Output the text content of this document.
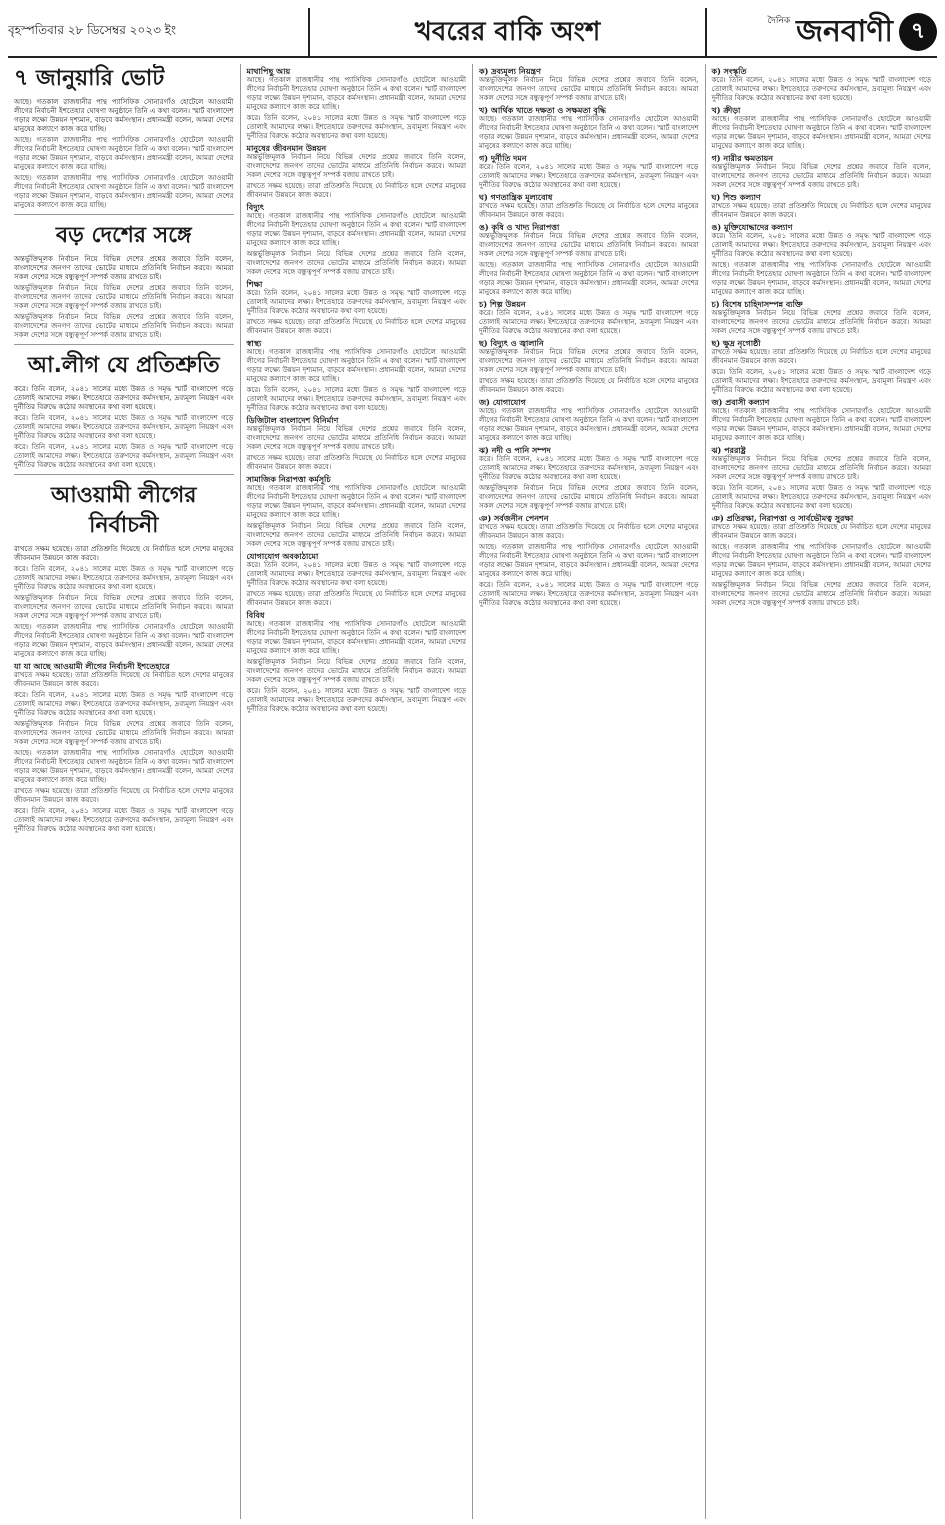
বৃহস্পতিবার ২৮ ডিসেম্বর ২০২৩ ইং	খবরের বাকি অংশ	দৈনিক জনবাণী ৭
৭ জানুয়ারি ভোট

আছে। গতকাল রাজধানীর পান্থ প্যাসিফিক সোনারগাঁও হোটেলে আওয়ামী লীগের নির্বাচনী ইশতেহার ঘোষণা অনুষ্ঠানে তিনি এ কথা বলেন। স্মার্ট বাংলাদেশ গড়ার লক্ষ্যে উন্নয়ন দৃশ্যমান, বাড়বে কর্মসংস্থান। প্রধানমন্ত্রী বলেন, আমরা দেশের মানুষের কল্যাণে কাজ করে যাচ্ছি।

আছে। গতকাল রাজধানীর পান্থ প্যাসিফিক সোনারগাঁও হোটেলে আওয়ামী লীগের নির্বাচনী ইশতেহার ঘোষণা অনুষ্ঠানে তিনি এ কথা বলেন। স্মার্ট বাংলাদেশ গড়ার লক্ষ্যে উন্নয়ন দৃশ্যমান, বাড়বে কর্মসংস্থান। প্রধানমন্ত্রী বলেন, আমরা দেশের মানুষের কল্যাণে কাজ করে যাচ্ছি।

আছে। গতকাল রাজধানীর পান্থ প্যাসিফিক সোনারগাঁও হোটেলে আওয়ামী লীগের নির্বাচনী ইশতেহার ঘোষণা অনুষ্ঠানে তিনি এ কথা বলেন। স্মার্ট বাংলাদেশ গড়ার লক্ষ্যে উন্নয়ন দৃশ্যমান, বাড়বে কর্মসংস্থান। প্রধানমন্ত্রী বলেন, আমরা দেশের মানুষের কল্যাণে কাজ করে যাচ্ছি।

বড় দেশের সঙ্গে

অন্তর্ভুক্তিমূলক নির্বাচন নিয়ে বিভিন্ন দেশের প্রশ্নের জবাবে তিনি বলেন, বাংলাদেশের জনগণ তাদের ভোটের মাধ্যমে প্রতিনিধি নির্বাচন করবে। আমরা সকল দেশের সঙ্গে বন্ধুত্বপূর্ণ সম্পর্ক বজায় রাখতে চাই।

অন্তর্ভুক্তিমূলক নির্বাচন নিয়ে বিভিন্ন দেশের প্রশ্নের জবাবে তিনি বলেন, বাংলাদেশের জনগণ তাদের ভোটের মাধ্যমে প্রতিনিধি নির্বাচন করবে। আমরা সকল দেশের সঙ্গে বন্ধুত্বপূর্ণ সম্পর্ক বজায় রাখতে চাই।

অন্তর্ভুক্তিমূলক নির্বাচন নিয়ে বিভিন্ন দেশের প্রশ্নের জবাবে তিনি বলেন, বাংলাদেশের জনগণ তাদের ভোটের মাধ্যমে প্রতিনিধি নির্বাচন করবে। আমরা সকল দেশের সঙ্গে বন্ধুত্বপূর্ণ সম্পর্ক বজায় রাখতে চাই।

আ.লীগ যে প্রতিশ্রুতি

করে। তিনি বলেন, ২০৪১ সালের মধ্যে উন্নত ও সমৃদ্ধ স্মার্ট বাংলাদেশ গড়ে তোলাই আমাদের লক্ষ্য। ইশতেহারে তরুণদের কর্মসংস্থান, দ্রব্যমূল্য নিয়ন্ত্রণ এবং দুর্নীতির বিরুদ্ধে কঠোর অবস্থানের কথা বলা হয়েছে।

করে। তিনি বলেন, ২০৪১ সালের মধ্যে উন্নত ও সমৃদ্ধ স্মার্ট বাংলাদেশ গড়ে তোলাই আমাদের লক্ষ্য। ইশতেহারে তরুণদের কর্মসংস্থান, দ্রব্যমূল্য নিয়ন্ত্রণ এবং দুর্নীতির বিরুদ্ধে কঠোর অবস্থানের কথা বলা হয়েছে।

করে। তিনি বলেন, ২০৪১ সালের মধ্যে উন্নত ও সমৃদ্ধ স্মার্ট বাংলাদেশ গড়ে তোলাই আমাদের লক্ষ্য। ইশতেহারে তরুণদের কর্মসংস্থান, দ্রব্যমূল্য নিয়ন্ত্রণ এবং দুর্নীতির বিরুদ্ধে কঠোর অবস্থানের কথা বলা হয়েছে।

আওয়ামী লীগের নির্বাচনী

রাখতে সক্ষম হয়েছে। তারা প্রতিশ্রুতি দিয়েছে যে নির্বাচিত হলে দেশের মানুষের জীবনমান উন্নয়নে কাজ করবে।

করে। তিনি বলেন, ২০৪১ সালের মধ্যে উন্নত ও সমৃদ্ধ স্মার্ট বাংলাদেশ গড়ে তোলাই আমাদের লক্ষ্য। ইশতেহারে তরুণদের কর্মসংস্থান, দ্রব্যমূল্য নিয়ন্ত্রণ এবং দুর্নীতির বিরুদ্ধে কঠোর অবস্থানের কথা বলা হয়েছে।

অন্তর্ভুক্তিমূলক নির্বাচন নিয়ে বিভিন্ন দেশের প্রশ্নের জবাবে তিনি বলেন, বাংলাদেশের জনগণ তাদের ভোটের মাধ্যমে প্রতিনিধি নির্বাচন করবে। আমরা সকল দেশের সঙ্গে বন্ধুত্বপূর্ণ সম্পর্ক বজায় রাখতে চাই।

আছে। গতকাল রাজধানীর পান্থ প্যাসিফিক সোনারগাঁও হোটেলে আওয়ামী লীগের নির্বাচনী ইশতেহার ঘোষণা অনুষ্ঠানে তিনি এ কথা বলেন। স্মার্ট বাংলাদেশ গড়ার লক্ষ্যে উন্নয়ন দৃশ্যমান, বাড়বে কর্মসংস্থান। প্রধানমন্ত্রী বলেন, আমরা দেশের মানুষের কল্যাণে কাজ করে যাচ্ছি।

যা যা আছে আওয়ামী লীগের নির্বাচনী ইশতেহারে

রাখতে সক্ষম হয়েছে। তারা প্রতিশ্রুতি দিয়েছে যে নির্বাচিত হলে দেশের মানুষের জীবনমান উন্নয়নে কাজ করবে।

করে। তিনি বলেন, ২০৪১ সালের মধ্যে উন্নত ও সমৃদ্ধ স্মার্ট বাংলাদেশ গড়ে তোলাই আমাদের লক্ষ্য। ইশতেহারে তরুণদের কর্মসংস্থান, দ্রব্যমূল্য নিয়ন্ত্রণ এবং দুর্নীতির বিরুদ্ধে কঠোর অবস্থানের কথা বলা হয়েছে।

অন্তর্ভুক্তিমূলক নির্বাচন নিয়ে বিভিন্ন দেশের প্রশ্নের জবাবে তিনি বলেন, বাংলাদেশের জনগণ তাদের ভোটের মাধ্যমে প্রতিনিধি নির্বাচন করবে। আমরা সকল দেশের সঙ্গে বন্ধুত্বপূর্ণ সম্পর্ক বজায় রাখতে চাই।

আছে। গতকাল রাজধানীর পান্থ প্যাসিফিক সোনারগাঁও হোটেলে আওয়ামী লীগের নির্বাচনী ইশতেহার ঘোষণা অনুষ্ঠানে তিনি এ কথা বলেন। স্মার্ট বাংলাদেশ গড়ার লক্ষ্যে উন্নয়ন দৃশ্যমান, বাড়বে কর্মসংস্থান। প্রধানমন্ত্রী বলেন, আমরা দেশের মানুষের কল্যাণে কাজ করে যাচ্ছি।

রাখতে সক্ষম হয়েছে। তারা প্রতিশ্রুতি দিয়েছে যে নির্বাচিত হলে দেশের মানুষের জীবনমান উন্নয়নে কাজ করবে।

করে। তিনি বলেন, ২০৪১ সালের মধ্যে উন্নত ও সমৃদ্ধ স্মার্ট বাংলাদেশ গড়ে তোলাই আমাদের লক্ষ্য। ইশতেহারে তরুণদের কর্মসংস্থান, দ্রব্যমূল্য নিয়ন্ত্রণ এবং দুর্নীতির বিরুদ্ধে কঠোর অবস্থানের কথা বলা হয়েছে।

মাথাপিছু আয়

আছে। গতকাল রাজধানীর পান্থ প্যাসিফিক সোনারগাঁও হোটেলে আওয়ামী লীগের নির্বাচনী ইশতেহার ঘোষণা অনুষ্ঠানে তিনি এ কথা বলেন। স্মার্ট বাংলাদেশ গড়ার লক্ষ্যে উন্নয়ন দৃশ্যমান, বাড়বে কর্মসংস্থান। প্রধানমন্ত্রী বলেন, আমরা দেশের মানুষের কল্যাণে কাজ করে যাচ্ছি।

করে। তিনি বলেন, ২০৪১ সালের মধ্যে উন্নত ও সমৃদ্ধ স্মার্ট বাংলাদেশ গড়ে তোলাই আমাদের লক্ষ্য। ইশতেহারে তরুণদের কর্মসংস্থান, দ্রব্যমূল্য নিয়ন্ত্রণ এবং দুর্নীতির বিরুদ্ধে কঠোর অবস্থানের কথা বলা হয়েছে।

মানুষের জীবনমান উন্নয়ন

অন্তর্ভুক্তিমূলক নির্বাচন নিয়ে বিভিন্ন দেশের প্রশ্নের জবাবে তিনি বলেন, বাংলাদেশের জনগণ তাদের ভোটের মাধ্যমে প্রতিনিধি নির্বাচন করবে। আমরা সকল দেশের সঙ্গে বন্ধুত্বপূর্ণ সম্পর্ক বজায় রাখতে চাই।

রাখতে সক্ষম হয়েছে। তারা প্রতিশ্রুতি দিয়েছে যে নির্বাচিত হলে দেশের মানুষের জীবনমান উন্নয়নে কাজ করবে।

বিদ্যুৎ

আছে। গতকাল রাজধানীর পান্থ প্যাসিফিক সোনারগাঁও হোটেলে আওয়ামী লীগের নির্বাচনী ইশতেহার ঘোষণা অনুষ্ঠানে তিনি এ কথা বলেন। স্মার্ট বাংলাদেশ গড়ার লক্ষ্যে উন্নয়ন দৃশ্যমান, বাড়বে কর্মসংস্থান। প্রধানমন্ত্রী বলেন, আমরা দেশের মানুষের কল্যাণে কাজ করে যাচ্ছি।

অন্তর্ভুক্তিমূলক নির্বাচন নিয়ে বিভিন্ন দেশের প্রশ্নের জবাবে তিনি বলেন, বাংলাদেশের জনগণ তাদের ভোটের মাধ্যমে প্রতিনিধি নির্বাচন করবে। আমরা সকল দেশের সঙ্গে বন্ধুত্বপূর্ণ সম্পর্ক বজায় রাখতে চাই।

শিক্ষা

করে। তিনি বলেন, ২০৪১ সালের মধ্যে উন্নত ও সমৃদ্ধ স্মার্ট বাংলাদেশ গড়ে তোলাই আমাদের লক্ষ্য। ইশতেহারে তরুণদের কর্মসংস্থান, দ্রব্যমূল্য নিয়ন্ত্রণ এবং দুর্নীতির বিরুদ্ধে কঠোর অবস্থানের কথা বলা হয়েছে।

রাখতে সক্ষম হয়েছে। তারা প্রতিশ্রুতি দিয়েছে যে নির্বাচিত হলে দেশের মানুষের জীবনমান উন্নয়নে কাজ করবে।

স্বাস্থ্য

আছে। গতকাল রাজধানীর পান্থ প্যাসিফিক সোনারগাঁও হোটেলে আওয়ামী লীগের নির্বাচনী ইশতেহার ঘোষণা অনুষ্ঠানে তিনি এ কথা বলেন। স্মার্ট বাংলাদেশ গড়ার লক্ষ্যে উন্নয়ন দৃশ্যমান, বাড়বে কর্মসংস্থান। প্রধানমন্ত্রী বলেন, আমরা দেশের মানুষের কল্যাণে কাজ করে যাচ্ছি।

করে। তিনি বলেন, ২০৪১ সালের মধ্যে উন্নত ও সমৃদ্ধ স্মার্ট বাংলাদেশ গড়ে তোলাই আমাদের লক্ষ্য। ইশতেহারে তরুণদের কর্মসংস্থান, দ্রব্যমূল্য নিয়ন্ত্রণ এবং দুর্নীতির বিরুদ্ধে কঠোর অবস্থানের কথা বলা হয়েছে।

ডিজিটাল বাংলাদেশ বিনির্মাণ

অন্তর্ভুক্তিমূলক নির্বাচন নিয়ে বিভিন্ন দেশের প্রশ্নের জবাবে তিনি বলেন, বাংলাদেশের জনগণ তাদের ভোটের মাধ্যমে প্রতিনিধি নির্বাচন করবে। আমরা সকল দেশের সঙ্গে বন্ধুত্বপূর্ণ সম্পর্ক বজায় রাখতে চাই।

রাখতে সক্ষম হয়েছে। তারা প্রতিশ্রুতি দিয়েছে যে নির্বাচিত হলে দেশের মানুষের জীবনমান উন্নয়নে কাজ করবে।

সামাজিক নিরাপত্তা কর্মসূচি

আছে। গতকাল রাজধানীর পান্থ প্যাসিফিক সোনারগাঁও হোটেলে আওয়ামী লীগের নির্বাচনী ইশতেহার ঘোষণা অনুষ্ঠানে তিনি এ কথা বলেন। স্মার্ট বাংলাদেশ গড়ার লক্ষ্যে উন্নয়ন দৃশ্যমান, বাড়বে কর্মসংস্থান। প্রধানমন্ত্রী বলেন, আমরা দেশের মানুষের কল্যাণে কাজ করে যাচ্ছি।

অন্তর্ভুক্তিমূলক নির্বাচন নিয়ে বিভিন্ন দেশের প্রশ্নের জবাবে তিনি বলেন, বাংলাদেশের জনগণ তাদের ভোটের মাধ্যমে প্রতিনিধি নির্বাচন করবে। আমরা সকল দেশের সঙ্গে বন্ধুত্বপূর্ণ সম্পর্ক বজায় রাখতে চাই।

যোগাযোগ অবকাঠামো

করে। তিনি বলেন, ২০৪১ সালের মধ্যে উন্নত ও সমৃদ্ধ স্মার্ট বাংলাদেশ গড়ে তোলাই আমাদের লক্ষ্য। ইশতেহারে তরুণদের কর্মসংস্থান, দ্রব্যমূল্য নিয়ন্ত্রণ এবং দুর্নীতির বিরুদ্ধে কঠোর অবস্থানের কথা বলা হয়েছে।

রাখতে সক্ষম হয়েছে। তারা প্রতিশ্রুতি দিয়েছে যে নির্বাচিত হলে দেশের মানুষের জীবনমান উন্নয়নে কাজ করবে।

বিবিধ

আছে। গতকাল রাজধানীর পান্থ প্যাসিফিক সোনারগাঁও হোটেলে আওয়ামী লীগের নির্বাচনী ইশতেহার ঘোষণা অনুষ্ঠানে তিনি এ কথা বলেন। স্মার্ট বাংলাদেশ গড়ার লক্ষ্যে উন্নয়ন দৃশ্যমান, বাড়বে কর্মসংস্থান। প্রধানমন্ত্রী বলেন, আমরা দেশের মানুষের কল্যাণে কাজ করে যাচ্ছি।

অন্তর্ভুক্তিমূলক নির্বাচন নিয়ে বিভিন্ন দেশের প্রশ্নের জবাবে তিনি বলেন, বাংলাদেশের জনগণ তাদের ভোটের মাধ্যমে প্রতিনিধি নির্বাচন করবে। আমরা সকল দেশের সঙ্গে বন্ধুত্বপূর্ণ সম্পর্ক বজায় রাখতে চাই।

করে। তিনি বলেন, ২০৪১ সালের মধ্যে উন্নত ও সমৃদ্ধ স্মার্ট বাংলাদেশ গড়ে তোলাই আমাদের লক্ষ্য। ইশতেহারে তরুণদের কর্মসংস্থান, দ্রব্যমূল্য নিয়ন্ত্রণ এবং দুর্নীতির বিরুদ্ধে কঠোর অবস্থানের কথা বলা হয়েছে।

ক) দ্রব্যমূল্য নিয়ন্ত্রণ

অন্তর্ভুক্তিমূলক নির্বাচন নিয়ে বিভিন্ন দেশের প্রশ্নের জবাবে তিনি বলেন, বাংলাদেশের জনগণ তাদের ভোটের মাধ্যমে প্রতিনিধি নির্বাচন করবে। আমরা সকল দেশের সঙ্গে বন্ধুত্বপূর্ণ সম্পর্ক বজায় রাখতে চাই।

খ) আর্থিক খাতে দক্ষতা ও সক্ষমতা বৃদ্ধি

আছে। গতকাল রাজধানীর পান্থ প্যাসিফিক সোনারগাঁও হোটেলে আওয়ামী লীগের নির্বাচনী ইশতেহার ঘোষণা অনুষ্ঠানে তিনি এ কথা বলেন। স্মার্ট বাংলাদেশ গড়ার লক্ষ্যে উন্নয়ন দৃশ্যমান, বাড়বে কর্মসংস্থান। প্রধানমন্ত্রী বলেন, আমরা দেশের মানুষের কল্যাণে কাজ করে যাচ্ছি।

গ) দুর্নীতি দমন

করে। তিনি বলেন, ২০৪১ সালের মধ্যে উন্নত ও সমৃদ্ধ স্মার্ট বাংলাদেশ গড়ে তোলাই আমাদের লক্ষ্য। ইশতেহারে তরুণদের কর্মসংস্থান, দ্রব্যমূল্য নিয়ন্ত্রণ এবং দুর্নীতির বিরুদ্ধে কঠোর অবস্থানের কথা বলা হয়েছে।

ঘ) গণতান্ত্রিক মূল্যবোধ

রাখতে সক্ষম হয়েছে। তারা প্রতিশ্রুতি দিয়েছে যে নির্বাচিত হলে দেশের মানুষের জীবনমান উন্নয়নে কাজ করবে।

ঙ) কৃষি ও খাদ্য নিরাপত্তা

অন্তর্ভুক্তিমূলক নির্বাচন নিয়ে বিভিন্ন দেশের প্রশ্নের জবাবে তিনি বলেন, বাংলাদেশের জনগণ তাদের ভোটের মাধ্যমে প্রতিনিধি নির্বাচন করবে। আমরা সকল দেশের সঙ্গে বন্ধুত্বপূর্ণ সম্পর্ক বজায় রাখতে চাই।

আছে। গতকাল রাজধানীর পান্থ প্যাসিফিক সোনারগাঁও হোটেলে আওয়ামী লীগের নির্বাচনী ইশতেহার ঘোষণা অনুষ্ঠানে তিনি এ কথা বলেন। স্মার্ট বাংলাদেশ গড়ার লক্ষ্যে উন্নয়ন দৃশ্যমান, বাড়বে কর্মসংস্থান। প্রধানমন্ত্রী বলেন, আমরা দেশের মানুষের কল্যাণে কাজ করে যাচ্ছি।

চ) শিল্প উন্নয়ন

করে। তিনি বলেন, ২০৪১ সালের মধ্যে উন্নত ও সমৃদ্ধ স্মার্ট বাংলাদেশ গড়ে তোলাই আমাদের লক্ষ্য। ইশতেহারে তরুণদের কর্মসংস্থান, দ্রব্যমূল্য নিয়ন্ত্রণ এবং দুর্নীতির বিরুদ্ধে কঠোর অবস্থানের কথা বলা হয়েছে।

ছ) বিদ্যুৎ ও জ্বালানি

অন্তর্ভুক্তিমূলক নির্বাচন নিয়ে বিভিন্ন দেশের প্রশ্নের জবাবে তিনি বলেন, বাংলাদেশের জনগণ তাদের ভোটের মাধ্যমে প্রতিনিধি নির্বাচন করবে। আমরা সকল দেশের সঙ্গে বন্ধুত্বপূর্ণ সম্পর্ক বজায় রাখতে চাই।

রাখতে সক্ষম হয়েছে। তারা প্রতিশ্রুতি দিয়েছে যে নির্বাচিত হলে দেশের মানুষের জীবনমান উন্নয়নে কাজ করবে।

জ) যোগাযোগ

আছে। গতকাল রাজধানীর পান্থ প্যাসিফিক সোনারগাঁও হোটেলে আওয়ামী লীগের নির্বাচনী ইশতেহার ঘোষণা অনুষ্ঠানে তিনি এ কথা বলেন। স্মার্ট বাংলাদেশ গড়ার লক্ষ্যে উন্নয়ন দৃশ্যমান, বাড়বে কর্মসংস্থান। প্রধানমন্ত্রী বলেন, আমরা দেশের মানুষের কল্যাণে কাজ করে যাচ্ছি।

ঝ) নদী ও পানি সম্পদ

করে। তিনি বলেন, ২০৪১ সালের মধ্যে উন্নত ও সমৃদ্ধ স্মার্ট বাংলাদেশ গড়ে তোলাই আমাদের লক্ষ্য। ইশতেহারে তরুণদের কর্মসংস্থান, দ্রব্যমূল্য নিয়ন্ত্রণ এবং দুর্নীতির বিরুদ্ধে কঠোর অবস্থানের কথা বলা হয়েছে।

অন্তর্ভুক্তিমূলক নির্বাচন নিয়ে বিভিন্ন দেশের প্রশ্নের জবাবে তিনি বলেন, বাংলাদেশের জনগণ তাদের ভোটের মাধ্যমে প্রতিনিধি নির্বাচন করবে। আমরা সকল দেশের সঙ্গে বন্ধুত্বপূর্ণ সম্পর্ক বজায় রাখতে চাই।

ঞ) সর্বজনীন পেনশন

রাখতে সক্ষম হয়েছে। তারা প্রতিশ্রুতি দিয়েছে যে নির্বাচিত হলে দেশের মানুষের জীবনমান উন্নয়নে কাজ করবে।

আছে। গতকাল রাজধানীর পান্থ প্যাসিফিক সোনারগাঁও হোটেলে আওয়ামী লীগের নির্বাচনী ইশতেহার ঘোষণা অনুষ্ঠানে তিনি এ কথা বলেন। স্মার্ট বাংলাদেশ গড়ার লক্ষ্যে উন্নয়ন দৃশ্যমান, বাড়বে কর্মসংস্থান। প্রধানমন্ত্রী বলেন, আমরা দেশের মানুষের কল্যাণে কাজ করে যাচ্ছি।

করে। তিনি বলেন, ২০৪১ সালের মধ্যে উন্নত ও সমৃদ্ধ স্মার্ট বাংলাদেশ গড়ে তোলাই আমাদের লক্ষ্য। ইশতেহারে তরুণদের কর্মসংস্থান, দ্রব্যমূল্য নিয়ন্ত্রণ এবং দুর্নীতির বিরুদ্ধে কঠোর অবস্থানের কথা বলা হয়েছে।

ক) সংস্কৃতি

করে। তিনি বলেন, ২০৪১ সালের মধ্যে উন্নত ও সমৃদ্ধ স্মার্ট বাংলাদেশ গড়ে তোলাই আমাদের লক্ষ্য। ইশতেহারে তরুণদের কর্মসংস্থান, দ্রব্যমূল্য নিয়ন্ত্রণ এবং দুর্নীতির বিরুদ্ধে কঠোর অবস্থানের কথা বলা হয়েছে।

খ) ক্রীড়া

আছে। গতকাল রাজধানীর পান্থ প্যাসিফিক সোনারগাঁও হোটেলে আওয়ামী লীগের নির্বাচনী ইশতেহার ঘোষণা অনুষ্ঠানে তিনি এ কথা বলেন। স্মার্ট বাংলাদেশ গড়ার লক্ষ্যে উন্নয়ন দৃশ্যমান, বাড়বে কর্মসংস্থান। প্রধানমন্ত্রী বলেন, আমরা দেশের মানুষের কল্যাণে কাজ করে যাচ্ছি।

গ) নারীর ক্ষমতায়ন

অন্তর্ভুক্তিমূলক নির্বাচন নিয়ে বিভিন্ন দেশের প্রশ্নের জবাবে তিনি বলেন, বাংলাদেশের জনগণ তাদের ভোটের মাধ্যমে প্রতিনিধি নির্বাচন করবে। আমরা সকল দেশের সঙ্গে বন্ধুত্বপূর্ণ সম্পর্ক বজায় রাখতে চাই।

ঘ) শিশু কল্যাণ

রাখতে সক্ষম হয়েছে। তারা প্রতিশ্রুতি দিয়েছে যে নির্বাচিত হলে দেশের মানুষের জীবনমান উন্নয়নে কাজ করবে।

ঙ) মুক্তিযোদ্ধাদের কল্যাণ

করে। তিনি বলেন, ২০৪১ সালের মধ্যে উন্নত ও সমৃদ্ধ স্মার্ট বাংলাদেশ গড়ে তোলাই আমাদের লক্ষ্য। ইশতেহারে তরুণদের কর্মসংস্থান, দ্রব্যমূল্য নিয়ন্ত্রণ এবং দুর্নীতির বিরুদ্ধে কঠোর অবস্থানের কথা বলা হয়েছে।

আছে। গতকাল রাজধানীর পান্থ প্যাসিফিক সোনারগাঁও হোটেলে আওয়ামী লীগের নির্বাচনী ইশতেহার ঘোষণা অনুষ্ঠানে তিনি এ কথা বলেন। স্মার্ট বাংলাদেশ গড়ার লক্ষ্যে উন্নয়ন দৃশ্যমান, বাড়বে কর্মসংস্থান। প্রধানমন্ত্রী বলেন, আমরা দেশের মানুষের কল্যাণে কাজ করে যাচ্ছি।

চ) বিশেষ চাহিদাসম্পন্ন ব্যক্তি

অন্তর্ভুক্তিমূলক নির্বাচন নিয়ে বিভিন্ন দেশের প্রশ্নের জবাবে তিনি বলেন, বাংলাদেশের জনগণ তাদের ভোটের মাধ্যমে প্রতিনিধি নির্বাচন করবে। আমরা সকল দেশের সঙ্গে বন্ধুত্বপূর্ণ সম্পর্ক বজায় রাখতে চাই।

ছ) ক্ষুদ্র নৃগোষ্ঠী

রাখতে সক্ষম হয়েছে। তারা প্রতিশ্রুতি দিয়েছে যে নির্বাচিত হলে দেশের মানুষের জীবনমান উন্নয়নে কাজ করবে।

করে। তিনি বলেন, ২০৪১ সালের মধ্যে উন্নত ও সমৃদ্ধ স্মার্ট বাংলাদেশ গড়ে তোলাই আমাদের লক্ষ্য। ইশতেহারে তরুণদের কর্মসংস্থান, দ্রব্যমূল্য নিয়ন্ত্রণ এবং দুর্নীতির বিরুদ্ধে কঠোর অবস্থানের কথা বলা হয়েছে।

জ) প্রবাসী কল্যাণ

আছে। গতকাল রাজধানীর পান্থ প্যাসিফিক সোনারগাঁও হোটেলে আওয়ামী লীগের নির্বাচনী ইশতেহার ঘোষণা অনুষ্ঠানে তিনি এ কথা বলেন। স্মার্ট বাংলাদেশ গড়ার লক্ষ্যে উন্নয়ন দৃশ্যমান, বাড়বে কর্মসংস্থান। প্রধানমন্ত্রী বলেন, আমরা দেশের মানুষের কল্যাণে কাজ করে যাচ্ছি।

ঝ) পররাষ্ট্র

অন্তর্ভুক্তিমূলক নির্বাচন নিয়ে বিভিন্ন দেশের প্রশ্নের জবাবে তিনি বলেন, বাংলাদেশের জনগণ তাদের ভোটের মাধ্যমে প্রতিনিধি নির্বাচন করবে। আমরা সকল দেশের সঙ্গে বন্ধুত্বপূর্ণ সম্পর্ক বজায় রাখতে চাই।

করে। তিনি বলেন, ২০৪১ সালের মধ্যে উন্নত ও সমৃদ্ধ স্মার্ট বাংলাদেশ গড়ে তোলাই আমাদের লক্ষ্য। ইশতেহারে তরুণদের কর্মসংস্থান, দ্রব্যমূল্য নিয়ন্ত্রণ এবং দুর্নীতির বিরুদ্ধে কঠোর অবস্থানের কথা বলা হয়েছে।

ঞ) প্রতিরক্ষা, নিরাপত্তা ও সার্বভৌমত্ব সুরক্ষা

রাখতে সক্ষম হয়েছে। তারা প্রতিশ্রুতি দিয়েছে যে নির্বাচিত হলে দেশের মানুষের জীবনমান উন্নয়নে কাজ করবে।

আছে। গতকাল রাজধানীর পান্থ প্যাসিফিক সোনারগাঁও হোটেলে আওয়ামী লীগের নির্বাচনী ইশতেহার ঘোষণা অনুষ্ঠানে তিনি এ কথা বলেন। স্মার্ট বাংলাদেশ গড়ার লক্ষ্যে উন্নয়ন দৃশ্যমান, বাড়বে কর্মসংস্থান। প্রধানমন্ত্রী বলেন, আমরা দেশের মানুষের কল্যাণে কাজ করে যাচ্ছি।

অন্তর্ভুক্তিমূলক নির্বাচন নিয়ে বিভিন্ন দেশের প্রশ্নের জবাবে তিনি বলেন, বাংলাদেশের জনগণ তাদের ভোটের মাধ্যমে প্রতিনিধি নির্বাচন করবে। আমরা সকল দেশের সঙ্গে বন্ধুত্বপূর্ণ সম্পর্ক বজায় রাখতে চাই।
